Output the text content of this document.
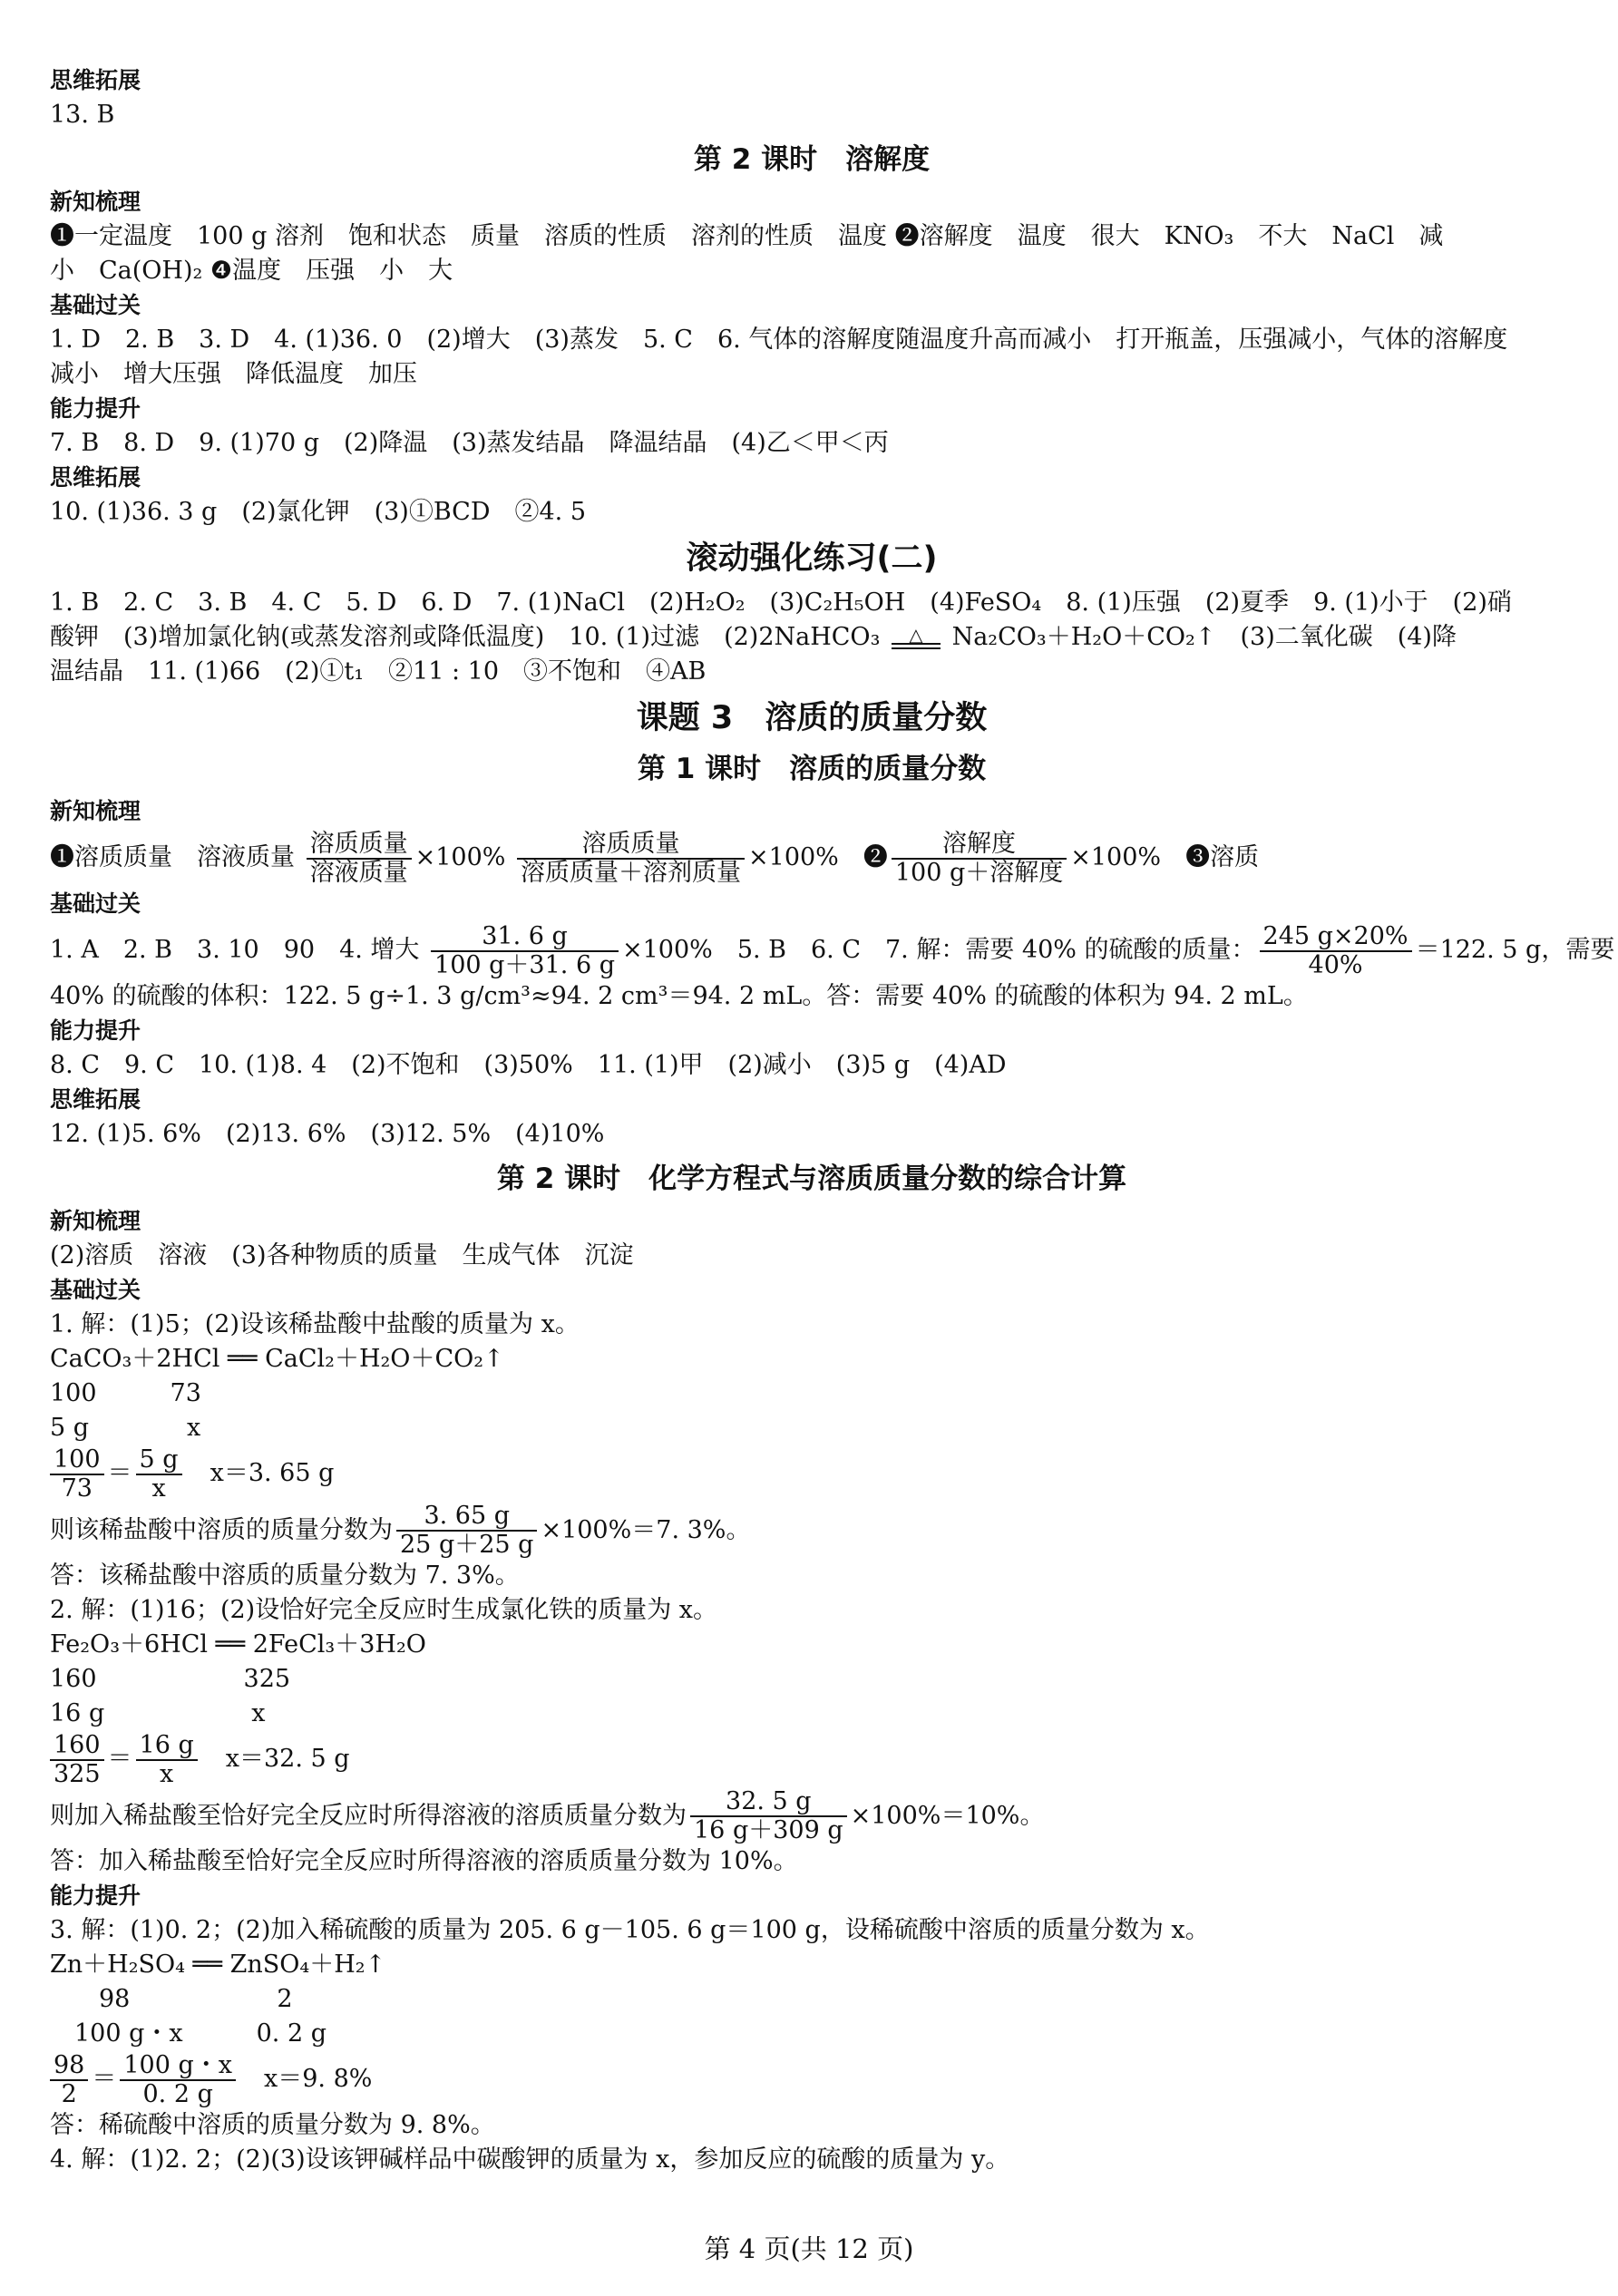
思维拓展

13. B

第 2 课时　溶解度

新知梳理

❶一定温度　100 g 溶剂　饱和状态　质量　溶质的性质　溶剂的性质　温度 ❷溶解度　温度　很大　KNO₃　不大　NaCl　减

小　Ca(OH)₂ ❹温度　压强　小　大

基础过关

1. D　2. B　3. D　4. (1)36. 0　(2)增大　(3)蒸发　5. C　6. 气体的溶解度随温度升高而减小　打开瓶盖，压强减小，气体的溶解度

减小　增大压强　降低温度　加压

能力提升

7. B　8. D　9. (1)70 g　(2)降温　(3)蒸发结晶　降温结晶　(4)乙＜甲＜丙

思维拓展

10. (1)36. 3 g　(2)氯化钾　(3)①BCD　②4. 5

滚动强化练习(二)

1. B　2. C　3. B　4. C　5. D　6. D　7. (1)NaCl　(2)H₂O₂　(3)C₂H₅OH　(4)FeSO₄　8. (1)压强　(2)夏季　9. (1)小于　(2)硝

酸钾　(3)增加氯化钠(或蒸发溶剂或降低温度)　10. (1)过滤　(2)2NaHCO₃	△ Na₂CO₃＋H₂O＋CO₂↑　(3)二氧化碳　(4)降

温结晶　11. (1)66　(2)①t₁　②11 : 10　③不饱和　④AB

课题 3　溶质的质量分数

第 1 课时　溶质的质量分数

新知梳理

❶溶质质量　溶液质量 $\frac{\text{溶质质量}}{\text{溶液质量}} \times 100\% \frac{\text{溶质质量}}{\text{溶质质量＋溶剂质量}} \times 100\%$　❷ $\frac{\text{溶解度}}{\text{100 g＋溶解度}} \times 100\%$　❸溶质

基础过关

1. A　2. B　3. 10　90　4. 增大 $\frac{31. 6 g}{100 g+31. 6 g} \times 100\%$　5. B　6. C　7. 解：需要 40% 的硫酸的质量： $\frac{245 g\times 20\%}{40\%} =122$. 5 g，需要

40% 的硫酸的体积：122. 5 g÷1. 3 g/cm³≈94. 2 cm³＝94. 2 mL。答：需要 40% 的硫酸的体积为 94. 2 mL。

能力提升

8. C　9. C　10. (1)8. 4　(2)不饱和　(3)50%　11. (1)甲　(2)减小　(3)5 g　(4)AD

思维拓展

12. (1)5. 6%　(2)13. 6%　(3)12. 5%　(4)10%

第 2 课时　化学方程式与溶质质量分数的综合计算

新知梳理

(2)溶质　溶液　(3)各种物质的质量　生成气体　沉淀

基础过关

1. 解：(1)5；(2)设该稀盐酸中盐酸的质量为 x。

CaCO₃＋2HCl ══ CaCl₂＋H₂O＋CO₂↑

100　　　73

5 g　　　　x

$\frac{100}{73} = \frac{5 g}{x}$
　 x＝3. 65 g

则该稀盐酸中溶质的质量分数为 $\frac{3. 65 g}{25 g+25 g} \times 100\%=7$. 3%。

答：该稀盐酸中溶质的质量分数为 7. 3%。

2. 解：(1)16；(2)设恰好完全反应时生成氯化铁的质量为 x。

Fe₂O₃＋6HCl ══ 2FeCl₃＋3H₂O

160　　　　　　325

16 g　　　　　　x

$\frac{160}{325} = \frac{16 g}{x}$
　 x＝32. 5 g

则加入稀盐酸至恰好完全反应时所得溶液的溶质质量分数为 $\frac{32. 5 g}{16 g+309 g} \times 100\%=10\%$。

答：加入稀盐酸至恰好完全反应时所得溶液的溶质质量分数为 10%。

能力提升

3. 解：(1)0. 2；(2)加入稀硫酸的质量为 205. 6 g－105. 6 g＝100 g，设稀硫酸中溶质的质量分数为 x。

Zn＋H₂SO₄ ══ ZnSO₄＋H₂↑

　　98　　　　　　2

　100 g・x　　　0. 2 g

$\frac{98}{2} = \frac{100 g・x}{0. 2 g}$
　 x＝9. 8%

答：稀硫酸中溶质的质量分数为 9. 8%。

4. 解：(1)2. 2；(2)(3)设该钾碱样品中碳酸钾的质量为 x，参加反应的硫酸的质量为 y。

第 4 页(共 12 页)
